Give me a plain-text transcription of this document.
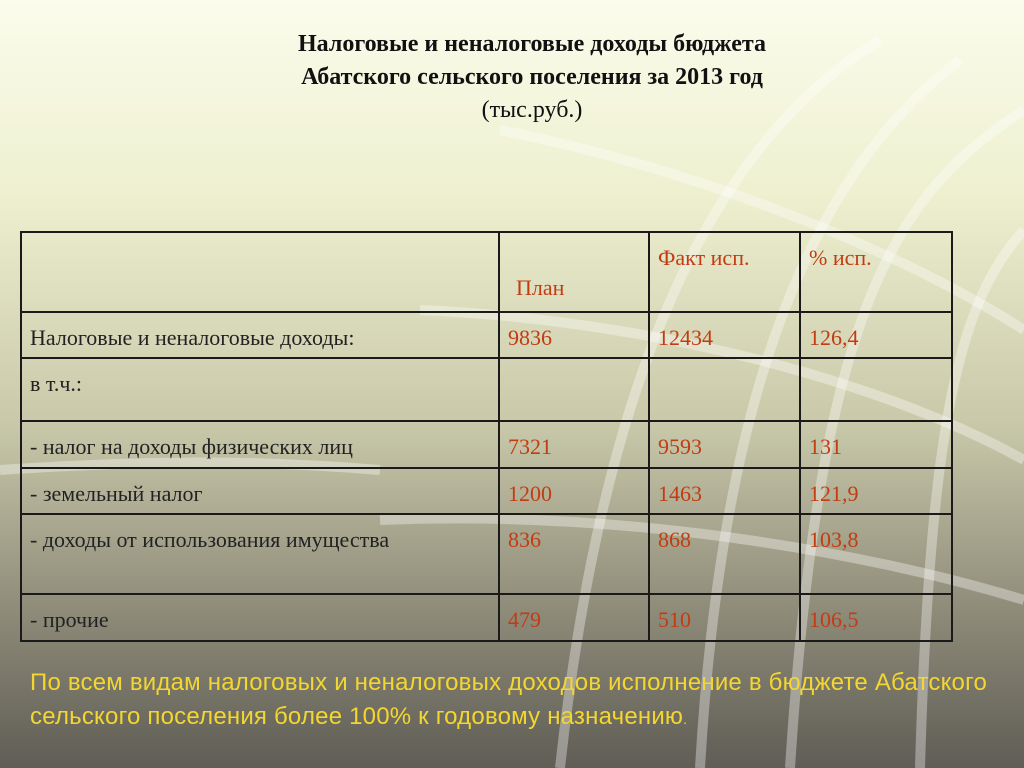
Налоговые и неналоговые доходы бюджета
Абатского сельского поселения за 2013 год
(тыс.руб.)
	План	Факт исп.	% исп.
Налоговые и неналоговые доходы:	9836	12434	126,4
в т.ч.:			
- налог на доходы физических лиц	7321	9593	131
- земельный налог	1200	1463	121,9
- доходы от использования имущества	836	868	103,8
- прочие	479	510	106,5
По всем видам налоговых и неналоговых доходов исполнение в бюджете Абатского сельского поселения более 100% к годовому назначению.
